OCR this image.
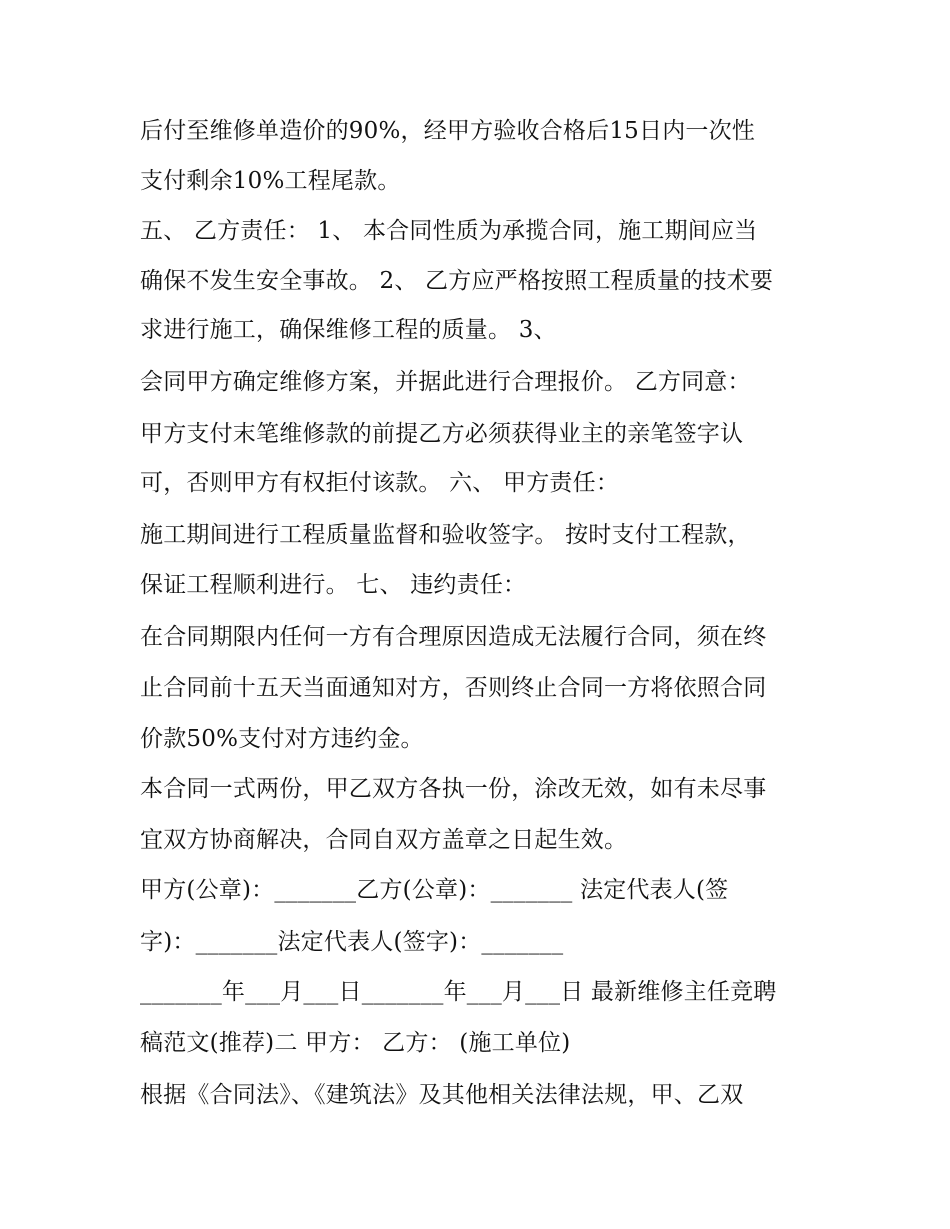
后付至维修单造价的90%，经甲方验收合格后15日内一次性
支付剩余10%工程尾款。
五、 乙方责任： 1、 本合同性质为承揽合同，施工期间应当
确保不发生安全事故。 2、 乙方应严格按照工程质量的技术要
求进行施工，确保维修工程的质量。 3、
会同甲方确定维修方案，并据此进行合理报价。 乙方同意：
甲方支付末笔维修款的前提乙方必须获得业主的亲笔签字认
可，否则甲方有权拒付该款。 六、 甲方责任：
施工期间进行工程质量监督和验收签字。 按时支付工程款，
保证工程顺利进行。 七、 违约责任：
在合同期限内任何一方有合理原因造成无法履行合同，须在终
止合同前十五天当面通知对方，否则终止合同一方将依照合同
价款50%支付对方违约金。
本合同一式两份，甲乙双方各执一份，涂改无效，如有未尽事
宜双方协商解决，合同自双方盖章之日起生效。
甲方(公章)：_______乙方(公章)：_______ 法定代表人(签
字)：_______法定代表人(签字)：_______
_______年___月___日_______年___月___日 最新维修主任竞聘
稿范文(推荐)二 甲方： 乙方： (施工单位)
根据《合同法》、《建筑法》及其他相关法律法规，甲、乙双
